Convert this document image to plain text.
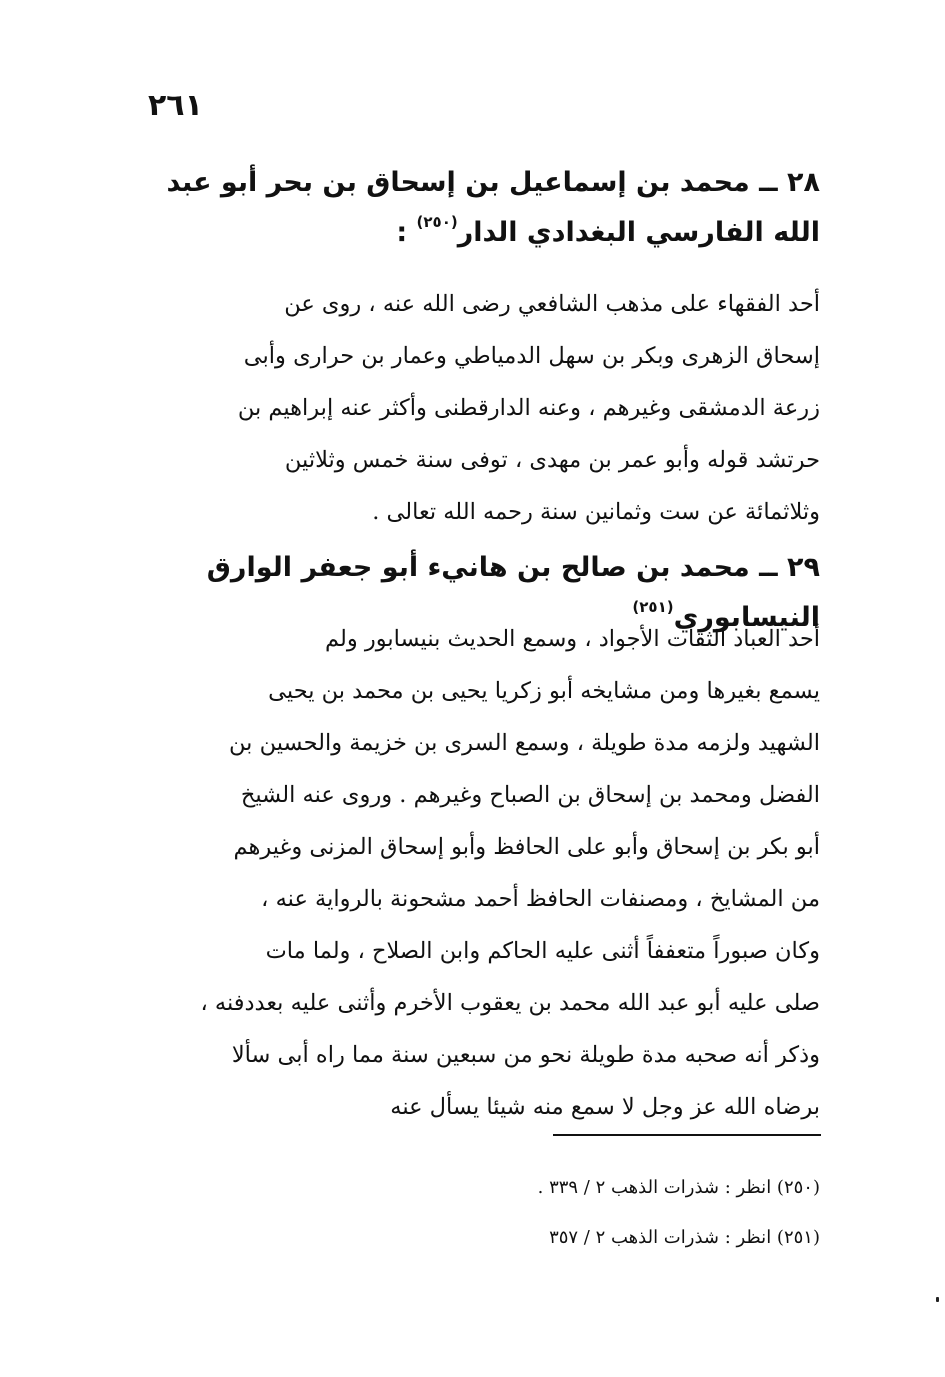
٢٦١
٢٨ ــ محمد بن إسماعيل بن إسحاق بن بحر أبو عبد الله الفارسي البغدادي الدار$^{(٢٥٠)}$ :
أحد الفقهاء على مذهب الشافعي رضى الله عنه ، روى عن
إسحاق الزهرى وبكر بن سهل الدمياطي وعمار بن حرارى وأبى
زرعة الدمشقى وغيرهم ، وعنه الدارقطنى وأكثر عنه إبراهيم بن
حرتشد قوله وأبو عمر بن مهدى ، توفى سنة خمس وثلاثين
وثلاثمائة عن ست وثمانين سنة رحمه الله تعالى .
٢٩ ــ محمد بن صالح بن هانيء أبو جعفر الوارق النيسابوري$^{(٢٥١)}$
أحد العباد الثقات الأجواد ، وسمع الحديث بنيسابور ولم
يسمع بغيرها ومن مشايخه أبو زكريا يحيى بن محمد بن يحيى
الشهيد ولزمه مدة طويلة ، وسمع السرى بن خزيمة والحسين بن
الفضل ومحمد بن إسحاق بن الصباح وغيرهم . وروى عنه الشيخ
أبو بكر بن إسحاق وأبو على الحافظ وأبو إسحاق المزنى وغيرهم
من المشايخ ، ومصنفات الحافظ أحمد مشحونة بالرواية عنه ،
وكان صبوراً متعففاً أثنى عليه الحاكم وابن الصلاح ، ولما مات
صلى عليه أبو عبد الله محمد بن يعقوب الأخرم وأثنى عليه بعددفنه ،
وذكر أنه صحبه مدة طويلة نحو من سبعين سنة مما راه أبى سألا
برضاه الله عز وجل لا سمع منه شيئا يسأل عنه
(٢٥٠) انظر : شذرات الذهب ٢ / ٣٣٩ .
(٢٥١) انظر : شذرات الذهب ٢ / ٣٥٧
